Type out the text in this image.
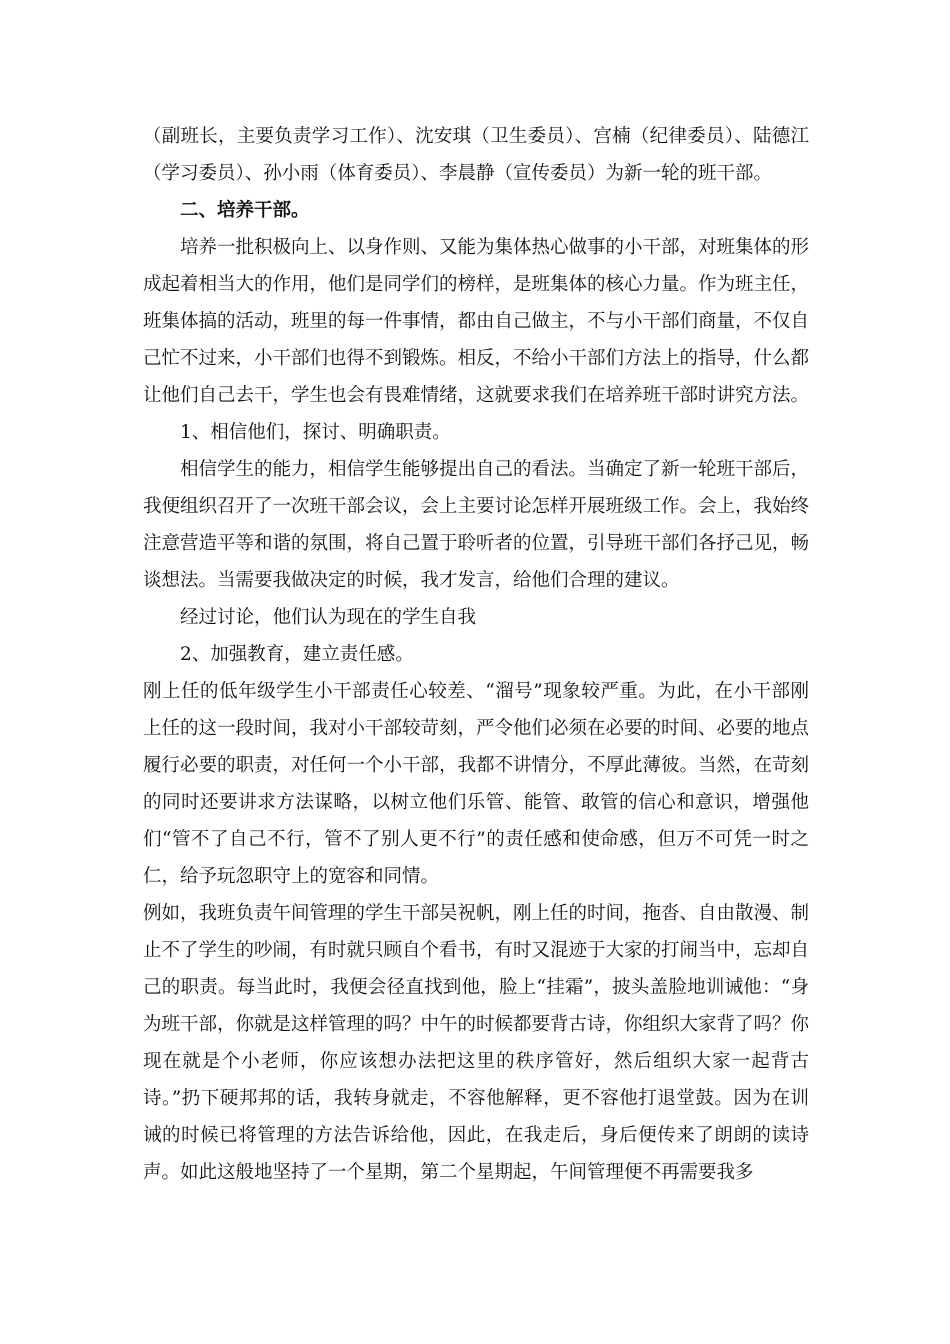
（副班长，主要负责学习工作）、沈安琪（卫生委员）、宫楠（纪律委员）、陆德江（学习委员）、孙小雨（体育委员）、李晨静（宣传委员）为新一轮的班干部。

二、培养干部。

培养一批积极向上、以身作则、又能为集体热心做事的小干部，对班集体的形成起着相当大的作用，他们是同学们的榜样，是班集体的核心力量。作为班主任，班集体搞的活动，班里的每一件事情，都由自己做主，不与小干部们商量，不仅自己忙不过来，小干部们也得不到锻炼。相反，不给小干部们方法上的指导，什么都让他们自己去干，学生也会有畏难情绪，这就要求我们在培养班干部时讲究方法。

1、相信他们，探讨、明确职责。

相信学生的能力，相信学生能够提出自己的看法。当确定了新一轮班干部后，我便组织召开了一次班干部会议，会上主要讨论怎样开展班级工作。会上，我始终注意营造平等和谐的氛围，将自己置于聆听者的位置，引导班干部们各抒己见，畅谈想法。当需要我做决定的时候，我才发言，给他们合理的建议。

经过讨论，他们认为现在的学生自我

2、加强教育，建立责任感。

刚上任的低年级学生小干部责任心较差、“溜号”现象较严重。为此，在小干部刚上任的这一段时间，我对小干部较苛刻，严令他们必须在必要的时间、必要的地点履行必要的职责，对任何一个小干部，我都不讲情分，不厚此薄彼。当然，在苛刻的同时还要讲求方法谋略，以树立他们乐管、能管、敢管的信心和意识，增强他们“管不了自己不行，管不了别人更不行”的责任感和使命感，但万不可凭一时之仁，给予玩忽职守上的宽容和同情。

例如，我班负责午间管理的学生干部吴祝帆，刚上任的时间，拖沓、自由散漫、制止不了学生的吵闹，有时就只顾自个看书，有时又混迹于大家的打闹当中，忘却自己的职责。每当此时，我便会径直找到他，脸上“挂霜”，披头盖脸地训诫他：“身为班干部，你就是这样管理的吗？中午的时候都要背古诗，你组织大家背了吗？你现在就是个小老师，你应该想办法把这里的秩序管好，然后组织大家一起背古诗。”扔下硬邦邦的话，我转身就走，不容他解释，更不容他打退堂鼓。因为在训诫的时候已将管理的方法告诉给他，因此，在我走后，身后便传来了朗朗的读诗声。如此这般地坚持了一个星期，第二个星期起，午间管理便不再需要我多
